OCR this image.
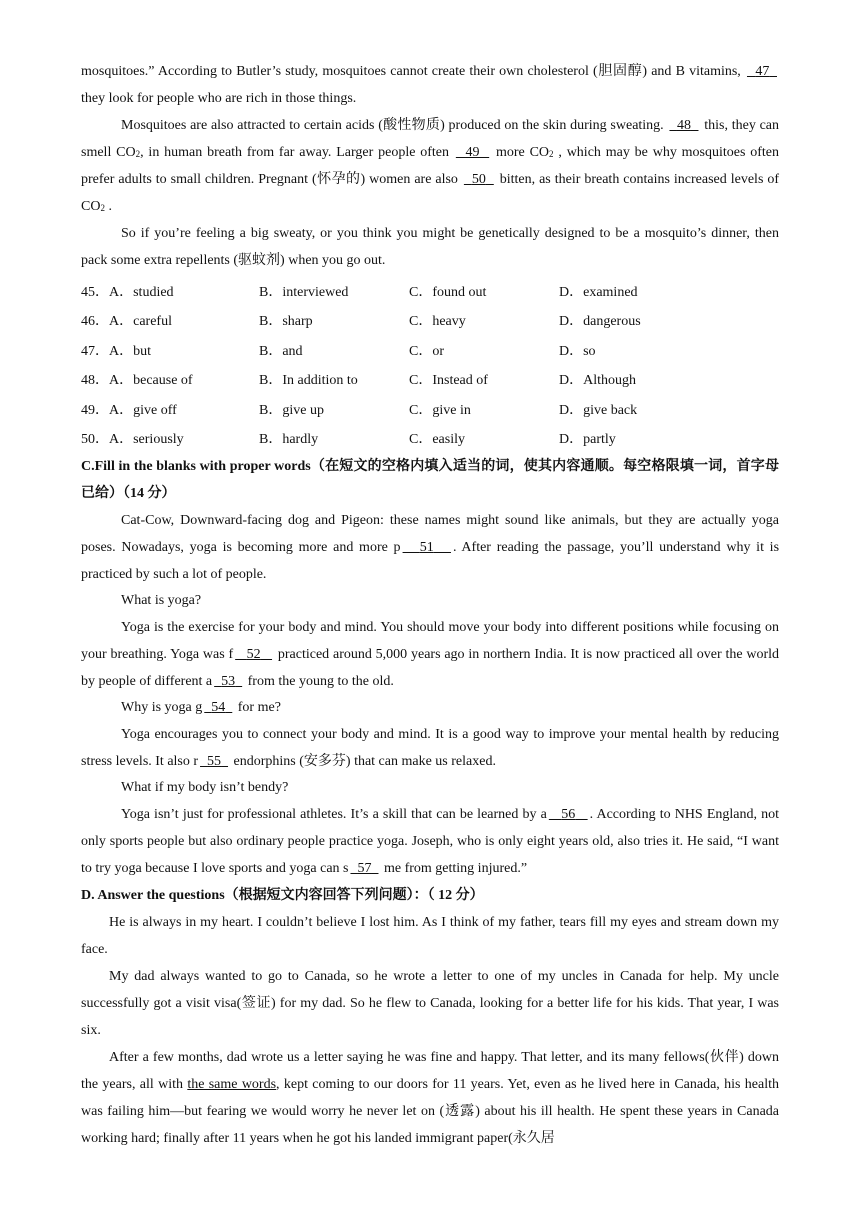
mosquitoes.” According to Butler’s study, mosquitoes cannot create their own cholesterol (胆固醇) and B vitamins, 47   they look for people who are rich in those things.

Mosquitoes are also attracted to certain acids (酸性物质) produced on the skin during sweating. 48 this, they can smell $CO_2$, in human breath from far away. Larger people often 49 more $CO_2$ , which may be why mosquitoes often prefer adults to small children. Pregnant (怀孕的) women are also 50 bitten, as their breath contains increased levels of $CO_2$ .

So if you’re feeling a big sweaty, or you think you might be genetically designed to be a mosquito’s dinner, then pack some extra repellents (驱蚊剂) when you go out.

45． A．studied	B．interviewed	C．found out	D．examined
46． A．careful	B．sharp	C．heavy	D．dangerous
47． A．but	B．and	C．or	D．so
48． A．because of	B．In addition to	C．Instead of	D．Although
49． A．give off	B．give up	C．give in	D．give back
50． A．seriously	B．hardly	C．easily	D．partly

C.Fill in the blanks with proper words（在短文的空格内填入适当的词，使其内容通顺。每空格限填一词，首字母已给）（14 分）

Cat-Cow, Downward-facing dog and Pigeon: these names might sound like animals, but they are actually yoga poses. Nowadays, yoga is becoming more and more p 51 . After reading the passage, you’ll understand why it is practiced by such a lot of people.

What is yoga?

Yoga is the exercise for your body and mind. You should move your body into different positions while focusing on your breathing. Yoga was f 52 practiced around 5,000 years ago in northern India. It is now practiced all over the world by people of different a 53 from the young to the old.

Why is yoga g 54 for me?

Yoga encourages you to connect your body and mind. It is a good way to improve your mental health by reducing stress levels. It also r 55 endorphins (安多芬) that can make us relaxed.

What if my body isn’t bendy?

Yoga isn’t just for professional athletes. It’s a skill that can be learned by a 56 . According to NHS England, not only sports people but also ordinary people practice yoga. Joseph, who is only eight years old, also tries it. He said, “I want to try yoga because I love sports and yoga can s 57 me from getting injured.”

D. Answer the questions（根据短文内容回答下列问题）：（ 12 分）

He is always in my heart. I couldn’t believe I lost him. As I think of my father, tears fill my eyes and stream down my face.

My dad always wanted to go to Canada, so he wrote a letter to one of my uncles in Canada for help. My uncle successfully got a visit visa(签证) for my dad. So he flew to Canada, looking for a better life for his kids. That year, I was six.

After a few months, dad wrote us a letter saying he was fine and happy. That letter, and its many fellows(伙伴) down the years, all with the same words, kept coming to our doors for 11 years. Yet, even as he lived here in Canada, his health was failing him—but fearing we would worry he never let on (透露) about his ill health. He spent these years in Canada working hard; finally after 11 years when he got his landed immigrant paper(永久居
